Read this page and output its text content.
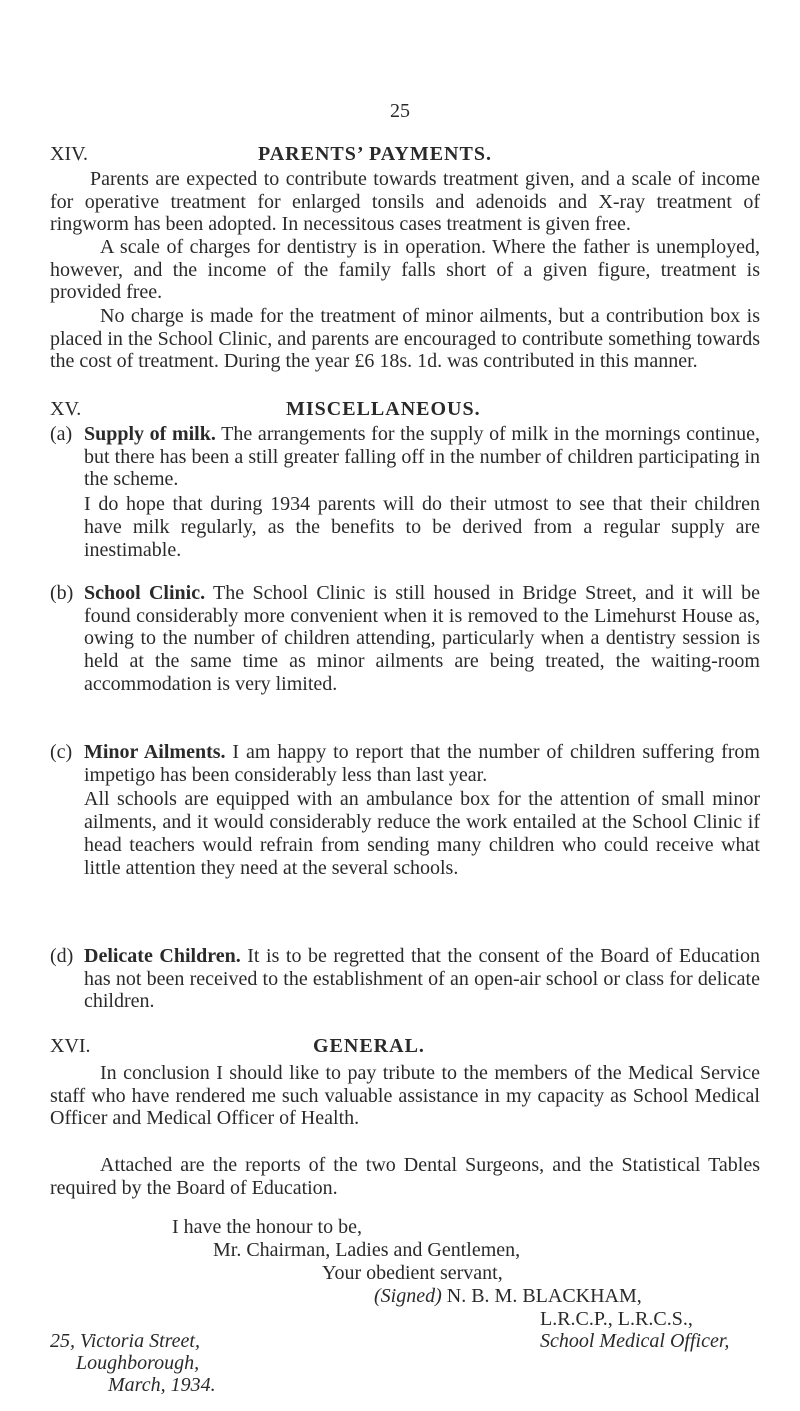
25
XIV.	PARENTS’ PAYMENTS.

Parents are expected to contribute towards treatment given, and a scale of income for operative treatment for enlarged tonsils and adenoids and X-ray treatment of ringworm has been adopted. In necessitous cases treatment is given free.

A scale of charges for dentistry is in operation. Where the father is unemployed, however, and the income of the family falls short of a given figure, treatment is provided free.

No charge is made for the treatment of minor ailments, but a contribution box is placed in the School Clinic, and parents are encouraged to contribute something towards the cost of treatment. During the year £6 18s. 1d. was contributed in this manner.

XV.	MISCELLANEOUS.
(a) Supply of milk. The arrangements for the supply of milk in the mornings continue, but there has been a still greater falling off in the number of children participating in the scheme.
I do hope that during 1934 parents will do their utmost to see that their children have milk regularly, as the benefits to be derived from a regular supply are inestimable.
(b) School Clinic. The School Clinic is still housed in Bridge Street, and it will be found considerably more convenient when it is removed to the Limehurst House as, owing to the number of children attending, particularly when a dentistry session is held at the same time as minor ailments are being treated, the waiting-room accommodation is very limited.
(c) Minor Ailments. I am happy to report that the number of children suffering from impetigo has been considerably less than last year.
All schools are equipped with an ambulance box for the attention of small minor ailments, and it would considerably reduce the work entailed at the School Clinic if head teachers would refrain from sending many children who could receive what little attention they need at the several schools.
(d) Delicate Children. It is to be regretted that the consent of the Board of Education has not been received to the establishment of an open-air school or class for delicate children.
XVI.	GENERAL.

In conclusion I should like to pay tribute to the members of the Medical Service staff who have rendered me such valuable assistance in my capacity as School Medical Officer and Medical Officer of Health.

Attached are the reports of the two Dental Surgeons, and the Statistical Tables required by the Board of Education.

I have the honour to be,
Mr. Chairman, Ladies and Gentlemen,
Your obedient servant,
(Signed) N. B. M. BLACKHAM,
L.R.C.P., L.R.C.S.,
School Medical Officer,
25, Victoria Street,
Loughborough,
March, 1934.
